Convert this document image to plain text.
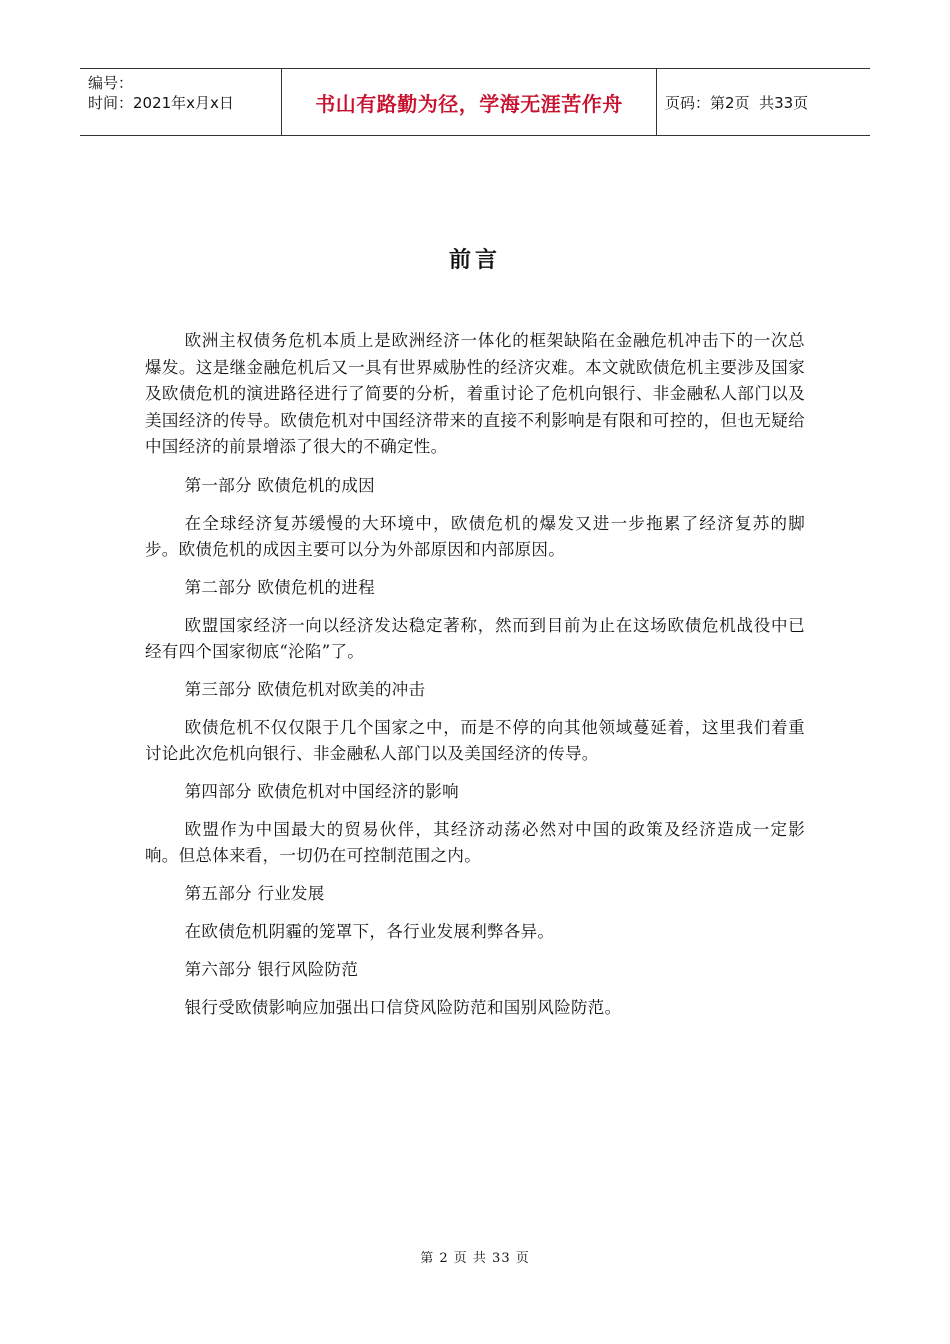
编号：
时间：2021年x月x日	书山有路勤为径，学海无涯苦作舟	页码：第2页  共33页
前言

欧洲主权债务危机本质上是欧洲经济一体化的框架缺陷在金融危机冲击下的一次总爆发。这是继金融危机后又一具有世界威胁性的经济灾难。本文就欧债危机主要涉及国家及欧债危机的演进路径进行了简要的分析，着重讨论了危机向银行、非金融私人部门以及美国经济的传导。欧债危机对中国经济带来的直接不利影响是有限和可控的，但也无疑给中国经济的前景增添了很大的不确定性。

第一部分 欧债危机的成因

在全球经济复苏缓慢的大环境中，欧债危机的爆发又进一步拖累了经济复苏的脚步。欧债危机的成因主要可以分为外部原因和内部原因。

第二部分 欧债危机的进程

欧盟国家经济一向以经济发达稳定著称，然而到目前为止在这场欧债危机战役中已经有四个国家彻底“沦陷”了。

第三部分 欧债危机对欧美的冲击

欧债危机不仅仅限于几个国家之中，而是不停的向其他领域蔓延着，这里我们着重讨论此次危机向银行、非金融私人部门以及美国经济的传导。

第四部分 欧债危机对中国经济的影响

欧盟作为中国最大的贸易伙伴，其经济动荡必然对中国的政策及经济造成一定影响。但总体来看，一切仍在可控制范围之内。

第五部分 行业发展

在欧债危机阴霾的笼罩下，各行业发展利弊各异。

第六部分 银行风险防范

银行受欧债影响应加强出口信贷风险防范和国别风险防范。

第 2 页 共 33 页
